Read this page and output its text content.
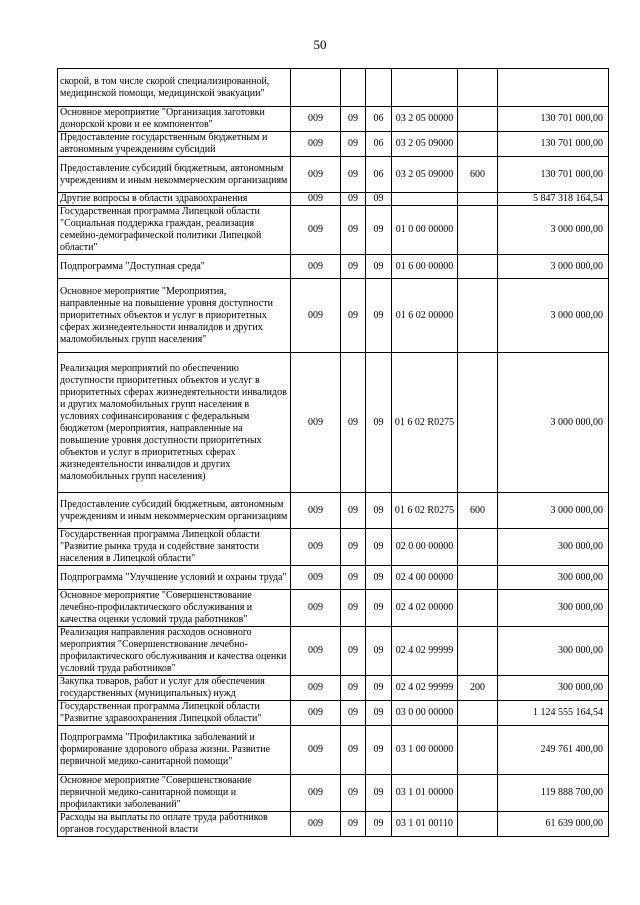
50
скорой, в том числе скорой специализированной, медицинской помощи, медицинской эвакуации"						
Основное мероприятие "Организация заготовки донорской крови и ее компонентов"	009	09	06	03 2 05 00000		130 701 000,00
Предоставление государственным бюджетным и автономным учреждениям субсидий	009	09	06	03 2 05 09000		130 701 000,00
Предоставление субсидий бюджетным, автономным учреждениям и иным некоммерческим организациям	009	09	06	03 2 05 09000	600	130 701 000,00
Другие вопросы в области здравоохранения	009	09	09			5 847 318 164,54
Государственная программа Липецкой области "Социальная поддержка граждан, реализация семейно-демографической политики Липецкой области"	009	09	09	01 0 00 00000		3 000 000,00
Подпрограмма "Доступная среда"	009	09	09	01 6 00 00000		3 000 000,00
Основное мероприятие "Мероприятия, направленные на повышение уровня доступности приоритетных объектов и услуг в приоритетных сферах жизнедеятельности инвалидов и других маломобильных групп населения"	009	09	09	01 6 02 00000		3 000 000,00
Реализация мероприятий по обеспечению доступности приоритетных объектов и услуг в приоритетных сферах жизнедеятельности инвалидов и других маломобильных групп населения в условиях софинансирования с федеральным бюджетом (мероприятия, направленные на повышение уровня доступности приоритетных объектов и услуг в приоритетных сферах жизнедеятельности инвалидов и других маломобильных групп населения)	009	09	09	01 6 02 R0275		3 000 000,00
Предоставление субсидий бюджетным, автономным учреждениям и иным некоммерческим организациям	009	09	09	01 6 02 R0275	600	3 000 000,00
Государственная программа Липецкой области "Развитие рынка труда и содействие занятости населения в Липецкой области"	009	09	09	02 0 00 00000		300 000,00
Подпрограмма "Улучшение условий и охраны труда"	009	09	09	02 4 00 00000		300 000,00
Основное мероприятие "Совершенствование лечебно-профилактического обслуживания и качества оценки условий труда работников"	009	09	09	02 4 02 00000		300 000,00
Реализация направления расходов основного мероприятия "Совершенствование лечебно-профилактического обслуживания и качества оценки условий труда работников"	009	09	09	02 4 02 99999		300 000,00
Закупка товаров, работ и услуг для обеспечения государственных (муниципальных) нужд	009	09	09	02 4 02 99999	200	300 000,00
Государственная программа Липецкой области "Развитие здравоохранения Липецкой области"	009	09	09	03 0 00 00000		1 124 555 164,54
Подпрограмма "Профилактика заболеваний и формирование здорового образа жизни. Развитие первичной медико-санитарной помощи"	009	09	09	03 1 00 00000		249 761 400,00
Основное мероприятие "Совершенствование первичной медико-санитарной помощи и профилактики заболеваний"	009	09	09	03 1 01 00000		119 888 700,00
Расходы на выплаты по оплате труда работников органов государственной власти	009	09	09	03 1 01 00110		61 639 000,00
